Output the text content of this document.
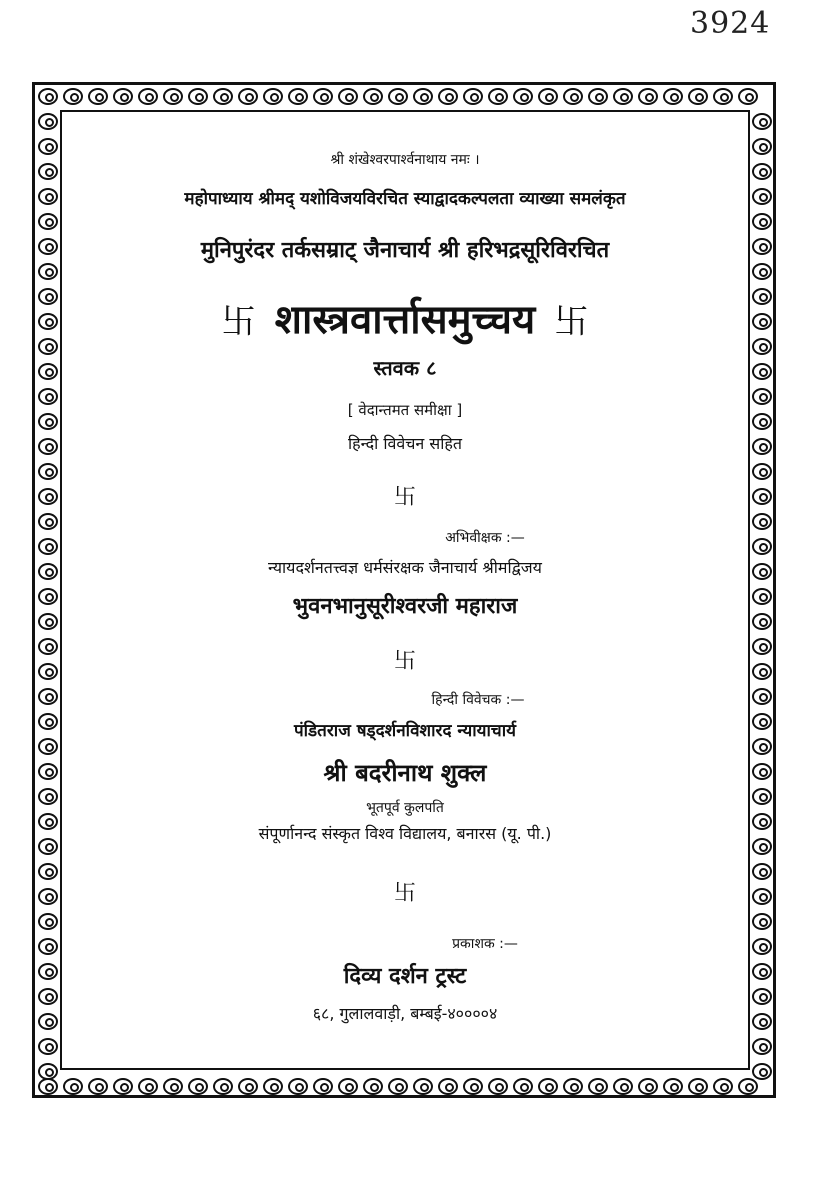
3924
श्री शंखेश्वरपार्श्वनाथाय नमः ।
महोपाध्याय श्रीमद् यशोविजयविरचित स्याद्वादकल्पलता व्याख्या समलंकृत
मुनिपुरंदर तर्कसम्राट् जैनाचार्य श्री हरिभद्रसूरिविरचित
卐 शास्त्रवार्त्तासमुच्चय 卐
स्तवक ८
[ वेदान्तमत समीक्षा ]
हिन्दी विवेचन सहित
卐
अभिवीक्षक :—
न्यायदर्शनतत्त्वज्ञ धर्मसंरक्षक जैनाचार्य श्रीमद्विजय
भुवनभानुसूरीश्वरजी महाराज
卐
हिन्दी विवेचक :—
पंडितराज षड्दर्शनविशारद न्यायाचार्य
श्री बदरीनाथ शुक्ल
भूतपूर्व कुलपति
संपूर्णानन्द संस्कृत विश्व विद्यालय, बनारस (यू. पी.)
卐
प्रकाशक :—
दिव्य दर्शन ट्रस्ट
६८, गुलालवाड़ी, बम्बई-४००००४
